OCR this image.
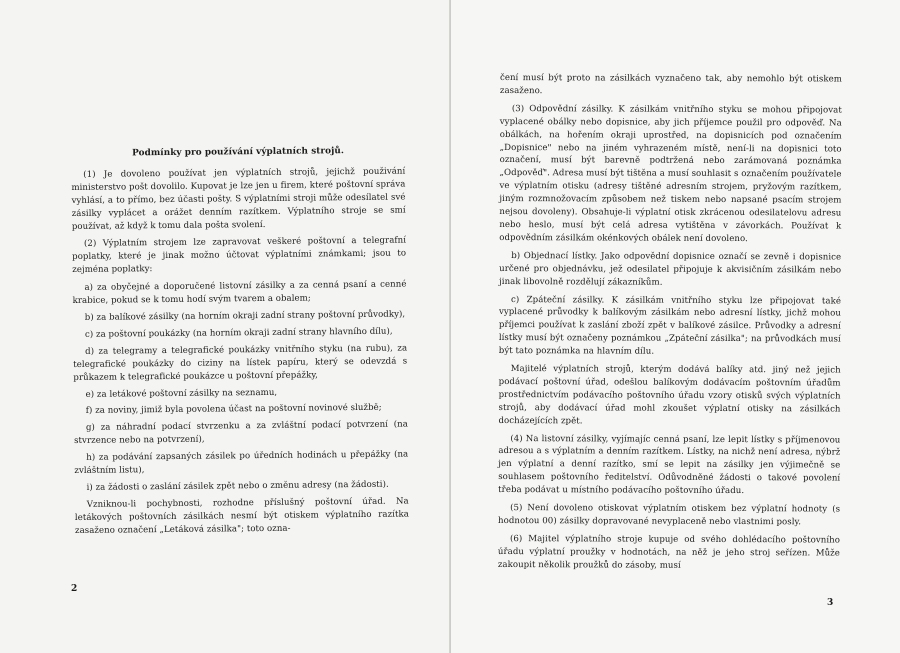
Podmínky pro používání výplatních strojů.

(1) Je dovoleno používat jen výplatních strojů, jejichž použivání ministerstvo pošt dovolilo. Kupovat je lze jen u firem, které poštovní správa vyhlásí, a to přímo, bez účasti pošty. S výplatními stroji může odesílatel své zásilky vyplácet a orážet denním razítkem. Výplatního stroje se smí používat, až když k tomu dala pošta svolení.

(2) Výplatním strojem lze zapravovat veškeré poštovní a telegrafní poplatky, které je jinak možno účtovat výplatními známkami; jsou to zejména poplatky:

a) za obyčejné a doporučené listovní zásilky a za cenná psaní a cenné krabice, pokud se k tomu hodí svým tvarem a obalem;

b) za balíkové zásilky (na horním okraji zadní strany poštovní průvodky),

c) za poštovní poukázky (na horním okraji zadní strany hlavního dílu),

d) za telegramy a telegrafické poukázky vnitřního styku (na rubu), za telegrafické poukázky do ciziny na lístek papíru, který se odevzdá s průkazem k telegrafické poukázce u poštovní přepážky,

e) za letákové poštovní zásilky na seznamu,

f) za noviny, jimiž byla povolena účast na poštovní novinové službě;

g) za náhradní podací stvrzenku a za zvláštní podací potvrzení (na stvrzence nebo na potvrzení),

h) za podávání zapsaných zásilek po úředních hodinách u přepážky (na zvláštním listu),

i) za žádosti o zaslání zásilek zpět nebo o změnu adresy (na žádosti).

Vzniknou-li pochybnosti, rozhodne příslušný poštovní úřad. Na letákových poštovních zásilkách nesmí být otiskem výplatního razítka zasaženo označení „Letáková zásilka"; toto ozna-

2

čení musí být proto na zásilkách vyznačeno tak, aby nemohlo být otiskem zasaženo.

(3) Odpovědní zásilky. K zásilkám vnitřního styku se mohou připojovat vyplacené obálky nebo dopisnice, aby jich příjemce použil pro odpověď. Na obálkách, na hořením okraji uprostřed, na dopisnicích pod označením „Dopisnice" nebo na jiném vyhrazeném místě, není-li na dopisnici toto označení, musí být barevně podtržená nebo zarámovaná poznámka „Odpověď". Adresa musí být tištěna a musí souhlasit s označením používatele ve výplatním otisku (adresy tištěné adresním strojem, pryžovým razítkem, jiným rozmnožovacím způsobem než tiskem nebo napsané psacím strojem nejsou dovoleny). Obsahuje-li výplatní otisk zkrácenou odesilatelovu adresu nebo heslo, musí být celá adresa vytištěna v závorkách. Používat k odpovědním zásilkám okénkových obálek není dovoleno.

b) Objednací lístky. Jako odpovědní dopisnice označí se zevně i dopisnice určené pro objednávku, jež odesilatel připojuje k akvisičním zásilkám nebo jinak libovolně rozdělují zákazníkům.

c) Zpáteční zásilky. K zásilkám vnitřního styku lze připojovat také vyplacené průvodky k balíkovým zásilkám nebo adresní lístky, jichž mohou příjemci používat k zaslání zboží zpět v balíkové zásilce. Průvodky a adresní lístky musí být označeny poznámkou „Zpáteční zásilka"; na průvodkách musí být tato poznámka na hlavním dílu.

Majitelé výplatních strojů, kterým dodává balíky atd. jiný než jejich podávací poštovní úřad, odešlou balíkovým dodávacím poštovním úřadům prostřednictvím podávacího poštovního úřadu vzory otisků svých výplatních strojů, aby dodávací úřad mohl zkoušet výplatní otisky na zásilkách docházejících zpět.

(4) Na listovní zásilky, vyjímajíc cenná psaní, lze lepit lístky s příjmenovou adresou a s výplatním a denním razítkem. Lístky, na nichž není adresa, nýbrž jen výplatní a denní razítko, smí se lepit na zásilky jen výjimečně se souhlasem poštovního ředitelství. Odůvodněné žádosti o takové povolení třeba podávat u místního podávacího poštovního úřadu.

(5) Není dovoleno otiskovat výplatním otiskem bez výplatní hodnoty (s hodnotou 00) zásilky dopravované nevyplaceně nebo vlastnimi posly.

(6) Majitel výplatního stroje kupuje od svého dohlédacího poštovního úřadu výplatní proužky v hodnotách, na něž je jeho stroj seřízen. Může zakoupit několik proužků do zásoby, musí

3
